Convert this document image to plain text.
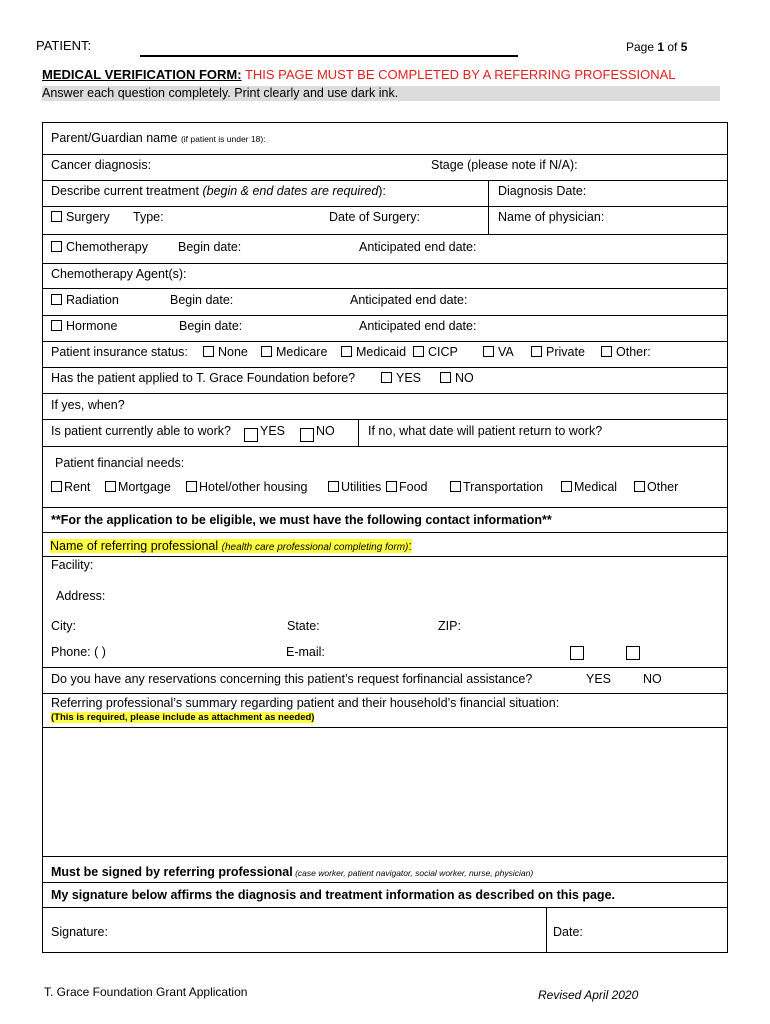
PATIENT:	Page 1 of 5
MEDICAL VERIFICATION FORM: THIS PAGE MUST BE COMPLETED BY A REFERRING PROFESSIONAL
Answer each question completely. Print clearly and use dark ink.
Parent/Guardian name (if patient is under 18):
Cancer diagnosis:	Stage (please note if N/A):
Describe current treatment (begin & end dates are required):	Diagnosis Date:
Surgery Type:	Date of Surgery:	Name of physician:
Chemotherapy Begin date:	Anticipated end date:
Chemotherapy Agent(s):
Radiation	Begin date:	Anticipated end date:
Hormone	Begin date:	Anticipated end date:
Patient insurance status:	None	Medicare	Medicaid	CICP	VA	Private	Other:
Has the patient applied to T. Grace Foundation before?	YES	NO
If yes, when?
Is patient currently able to work? YES NO	If no, what date will patient return to work?
Patient financial needs:
Rent	Mortgage	Hotel/other housing	Utilities	Food	Transportation	Medical	Other
**For the application to be eligible, we must have the following contact information**
Name of referring professional (health care professional completing form):
Facility:
Address:
City:	State:	ZIP:
Phone: ( )	E-mail:
Do you have any reservations concerning this patient’s request forfinancial assistance?	YES	NO
Referring professional’s summary regarding patient and their household’s financial situation:
(This is required, please include as attachment as needed)
Must be signed by referring professional (case worker, patient navigator, social worker, nurse, physician)
My signature below affirms the diagnosis and treatment information as described on this page.
Signature:	Date:
T. Grace Foundation Grant Application	Revised April 2020
